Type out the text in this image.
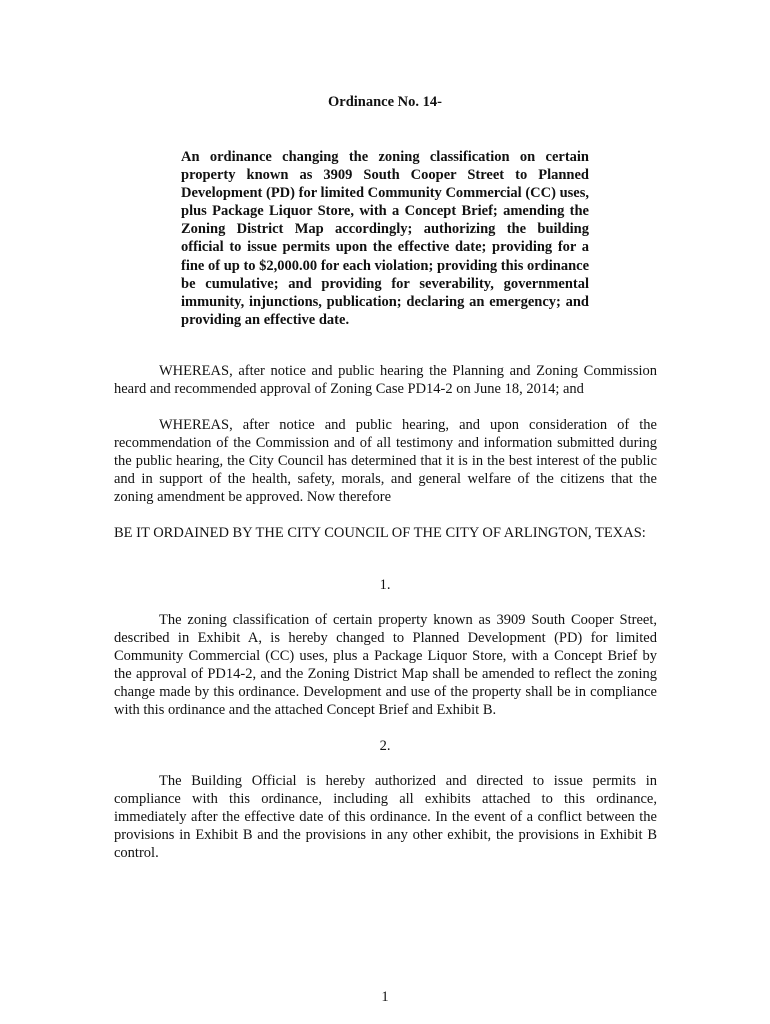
Ordinance No. 14-

An ordinance changing the zoning classification on certain property known as 3909 South Cooper Street to Planned Development (PD) for limited Community Commercial (CC) uses, plus Package Liquor Store, with a Concept Brief; amending the Zoning District Map accordingly; authorizing the building official to issue permits upon the effective date; providing for a fine of up to $2,000.00 for each violation; providing this ordinance be cumulative; and providing for severability, governmental immunity, injunctions, publication; declaring an emergency; and providing an effective date.

WHEREAS, after notice and public hearing the Planning and Zoning Commission heard and recommended approval of Zoning Case PD14-2 on June 18, 2014; and

WHEREAS, after notice and public hearing, and upon consideration of the recommendation of the Commission and of all testimony and information submitted during the public hearing, the City Council has determined that it is in the best interest of the public and in support of the health, safety, morals, and general welfare of the citizens that the zoning amendment be approved. Now therefore

BE IT ORDAINED BY THE CITY COUNCIL OF THE CITY OF ARLINGTON, TEXAS:

1.

The zoning classification of certain property known as 3909 South Cooper Street, described in Exhibit A, is hereby changed to Planned Development (PD) for limited Community Commercial (CC) uses, plus a Package Liquor Store, with a Concept Brief by the approval of PD14-2, and the Zoning District Map shall be amended to reflect the zoning change made by this ordinance. Development and use of the property shall be in compliance with this ordinance and the attached Concept Brief and Exhibit B.

2.

The Building Official is hereby authorized and directed to issue permits in compliance with this ordinance, including all exhibits attached to this ordinance, immediately after the effective date of this ordinance. In the event of a conflict between the provisions in Exhibit B and the provisions in any other exhibit, the provisions in Exhibit B control.

1
